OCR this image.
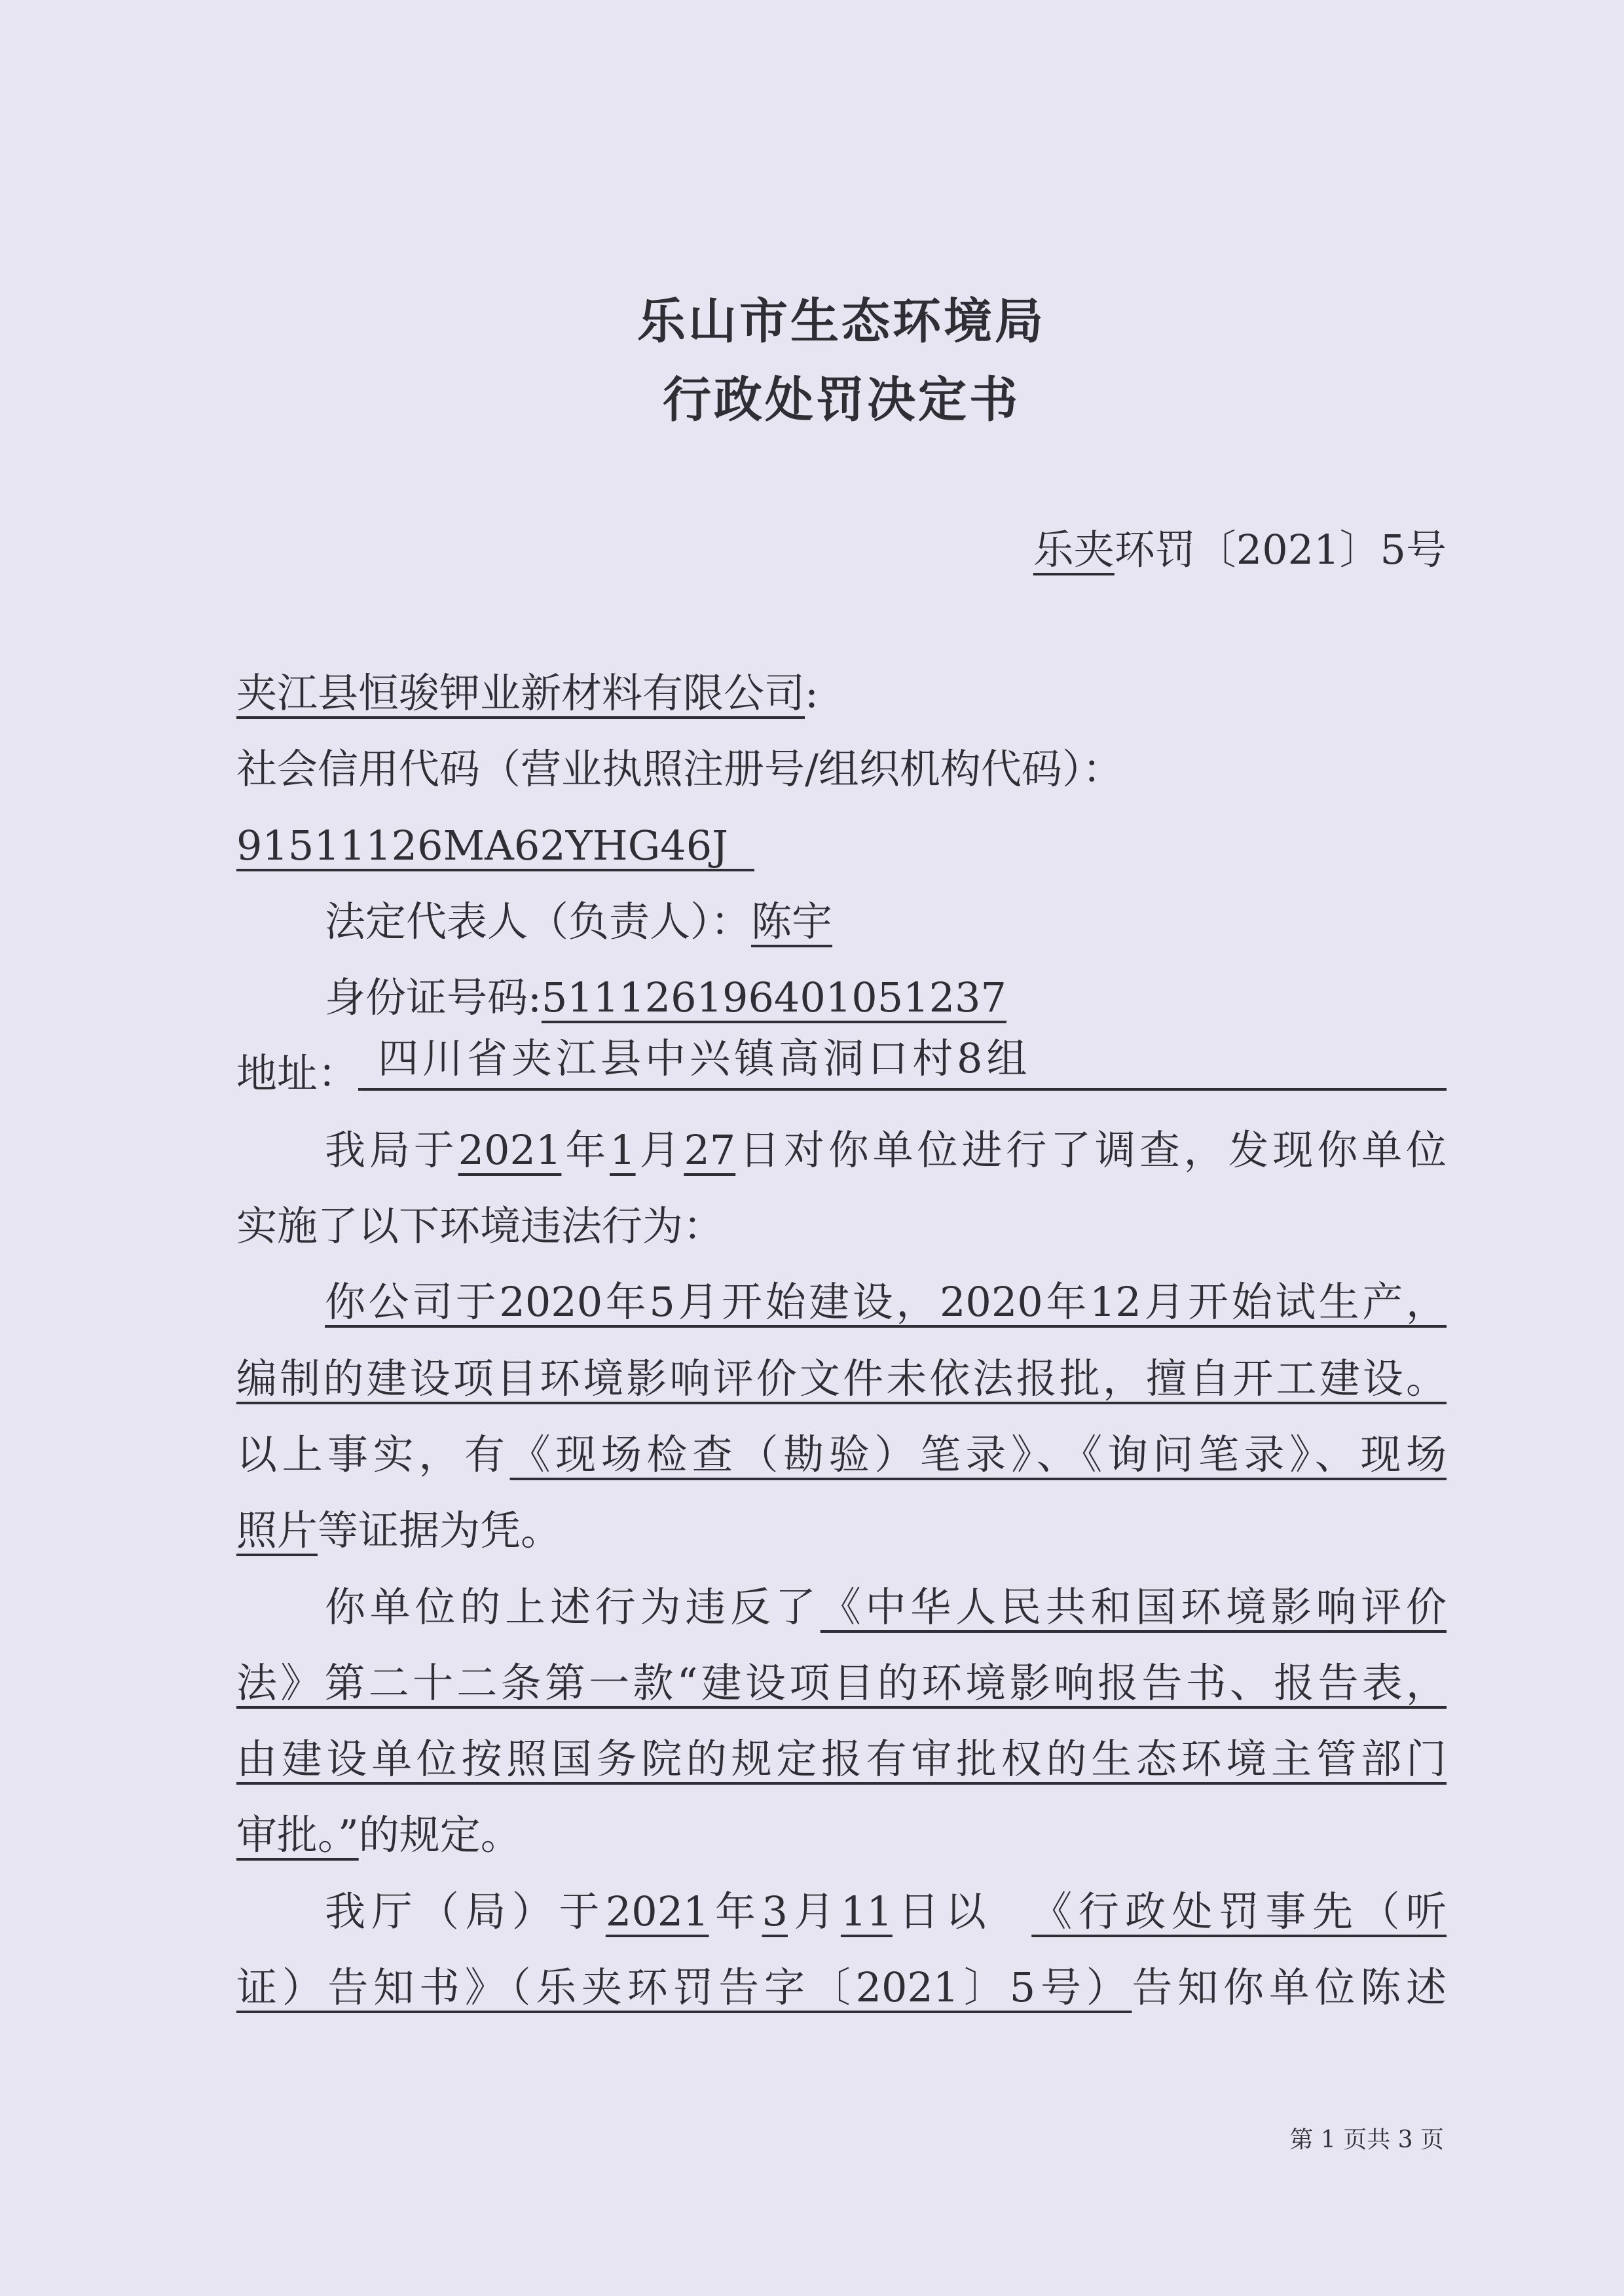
乐山市生态环境局
行政处罚决定书
乐夹环罚〔2021〕5号
夹江县恒骏钾业新材料有限公司:
社会信用代码（营业执照注册号/组织机构代码）：
91511126MA62YHG46J
法定代表人（负责人）：陈宇
身份证号码:511126196401051237
地址： 四川省夹江县中兴镇高洞口村8组
我局于2021年1月27日对你单位进行了调查，发现你单位
实施了以下环境违法行为：
你公司于2020年5月开始建设，2020年12月开始试生产，
编制的建设项目环境影响评价文件未依法报批，擅自开工建设。
以上事实，有《现场检查（勘验）笔录》、《询问笔录》、现场
照片等证据为凭。
你单位的上述行为违反了《中华人民共和国环境影响评价
法》第二十二条第一款“建设项目的环境影响报告书、报告表，
由建设单位按照国务院的规定报有审批权的生态环境主管部门
审批。”的规定。
我厅（局）于2021年3月11日以 《行政处罚事先（听
证）告知书》（乐夹环罚告字〔2021〕5号）告知你单位陈述
第 1 页共 3 页
